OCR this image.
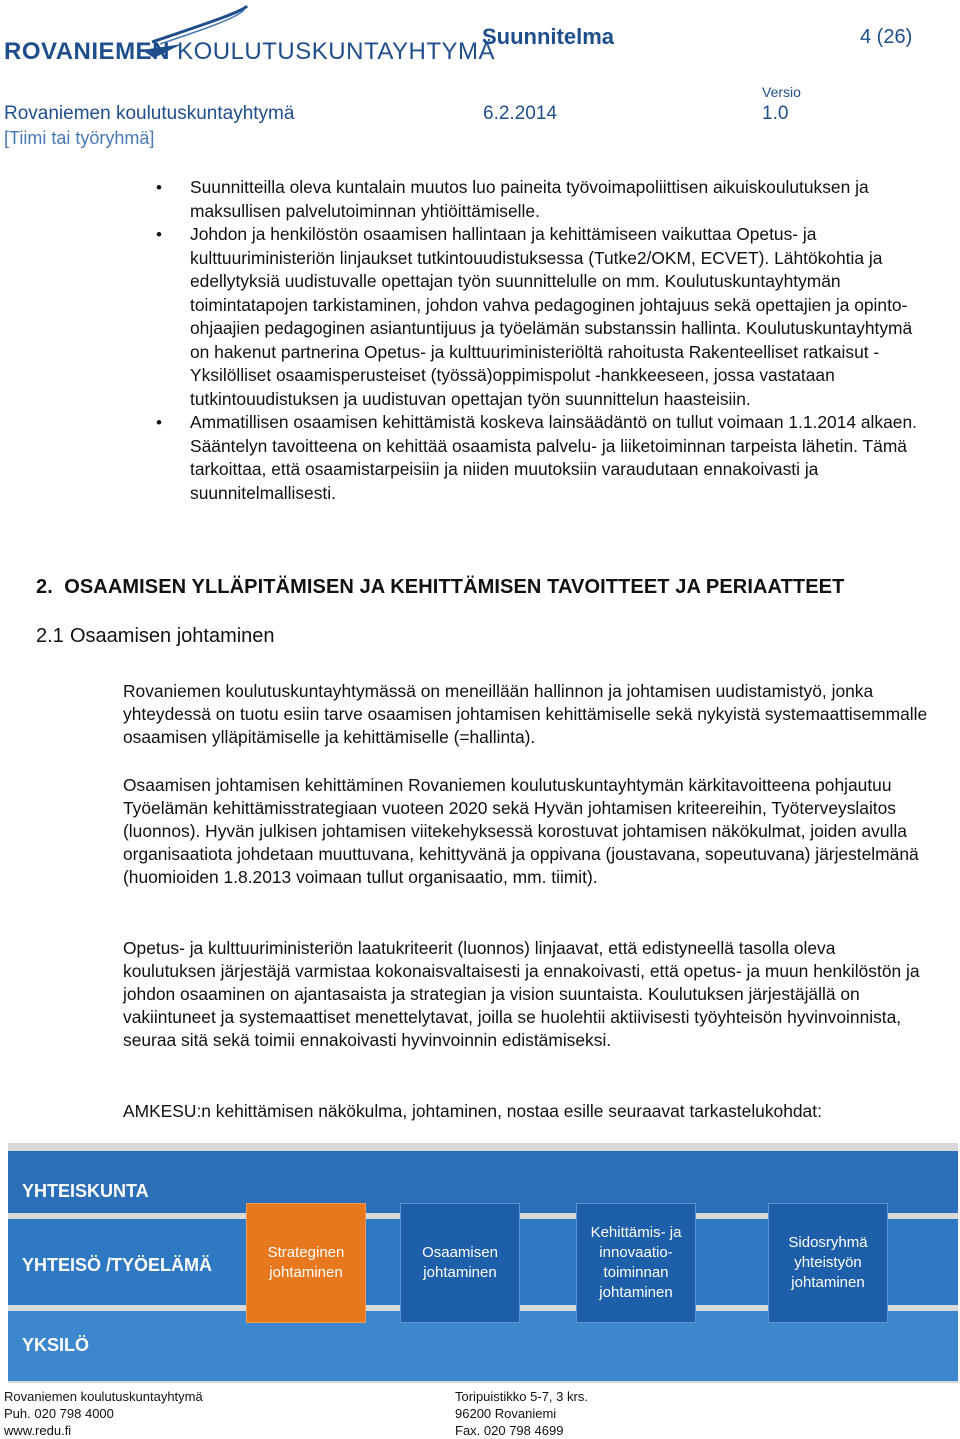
ROVANIEMEN KOULUTUSKUNTAYHTYMÄ
Suunnitelma	4 (26)
Rovaniemen koulutuskuntayhtymä	6.2.2014
Versio
1.0
[Tiimi tai työryhmä]
• Suunnitteilla oleva kuntalain muutos luo paineita työvoimapoliittisen aikuiskoulutuksen ja maksullisen palvelutoiminnan yhtiöittämiselle.
• Johdon ja henkilöstön osaamisen hallintaan ja kehittämiseen vaikuttaa Opetus- ja kulttuuriministeriön linjaukset tutkintouudistuksessa (Tutke2/OKM, ECVET). Lähtökohtia ja edellytyksiä uudistuvalle opettajan työn suunnittelulle on mm. Koulutuskuntayhtymän toimintatapojen tarkistaminen, johdon vahva pedagoginen johtajuus sekä opettajien ja opinto-ohjaajien pedagoginen asiantuntijuus ja työelämän substanssin hallinta. Koulutuskuntayhtymä on hakenut partnerina Opetus- ja kulttuuriministeriöltä rahoitusta Rakenteelliset ratkaisut - Yksilölliset osaamisperusteiset (työssä)oppimispolut -hankkeeseen, jossa vastataan tutkintouudistuksen ja uudistuvan opettajan työn suunnittelun haasteisiin.
• Ammatillisen osaamisen kehittämistä koskeva lainsäädäntö on tullut voimaan 1.1.2014 alkaen. Sääntelyn tavoitteena on kehittää osaamista palvelu- ja liiketoiminnan tarpeista lähetin. Tämä tarkoittaa, että osaamistarpeisiin ja niiden muutoksiin varaudutaan ennakoivasti ja suunnitelmallisesti.
2.  OSAAMISEN YLLÄPITÄMISEN JA KEHITTÄMISEN TAVOITTEET JA PERIAATTEET
2.1 Osaamisen johtaminen

Rovaniemen koulutuskuntayhtymässä on meneillään hallinnon ja johtamisen uudistamistyö, jonka yhteydessä on tuotu esiin tarve osaamisen johtamisen kehittämiselle sekä nykyistä systemaattisemmalle osaamisen ylläpitämiselle ja kehittämiselle (=hallinta).

Osaamisen johtamisen kehittäminen Rovaniemen koulutuskuntayhtymän kärkitavoitteena pohjautuu Työelämän kehittämisstrategiaan vuoteen 2020 sekä Hyvän johtamisen kriteereihin, Työterveyslaitos (luonnos). Hyvän julkisen johtamisen viitekehyksessä korostuvat johtamisen näkökulmat, joiden avulla organisaatiota johdetaan muuttuvana, kehittyvänä ja oppivana (joustavana, sopeutuvana) järjestelmänä (huomioiden 1.8.2013 voimaan tullut organisaatio, mm. tiimit).

Opetus- ja kulttuuriministeriön laatukriteerit (luonnos) linjaavat, että edistyneellä tasolla oleva koulutuksen järjestäjä varmistaa kokonaisvaltaisesti ja ennakoivasti, että opetus- ja muun henkilöstön ja johdon osaaminen on ajantasaista ja strategian ja vision suuntaista. Koulutuksen järjestäjällä on vakiintuneet ja systemaattiset menettelytavat, joilla se huolehtii aktiivisesti työyhteisön hyvinvoinnista, seuraa sitä sekä toimii ennakoivasti hyvinvoinnin edistämiseksi.

AMKESU:n kehittämisen näkökulma, johtaminen, nostaa esille seuraavat tarkastelukohdat:

YHTEISKUNTA
YHTEISÖ /TYÖELÄMÄ
YKSILÖ
Strateginen johtaminen
Osaamisen johtaminen
Kehittämis- ja innovaatio-toiminnan johtaminen
Sidosryhmä yhteistyön johtaminen
Rovaniemen koulutuskuntayhtymä
Puh. 020 798 4000
www.redu.fi
Toripuistikko 5-7, 3 krs.
96200 Rovaniemi
Fax. 020 798 4699
